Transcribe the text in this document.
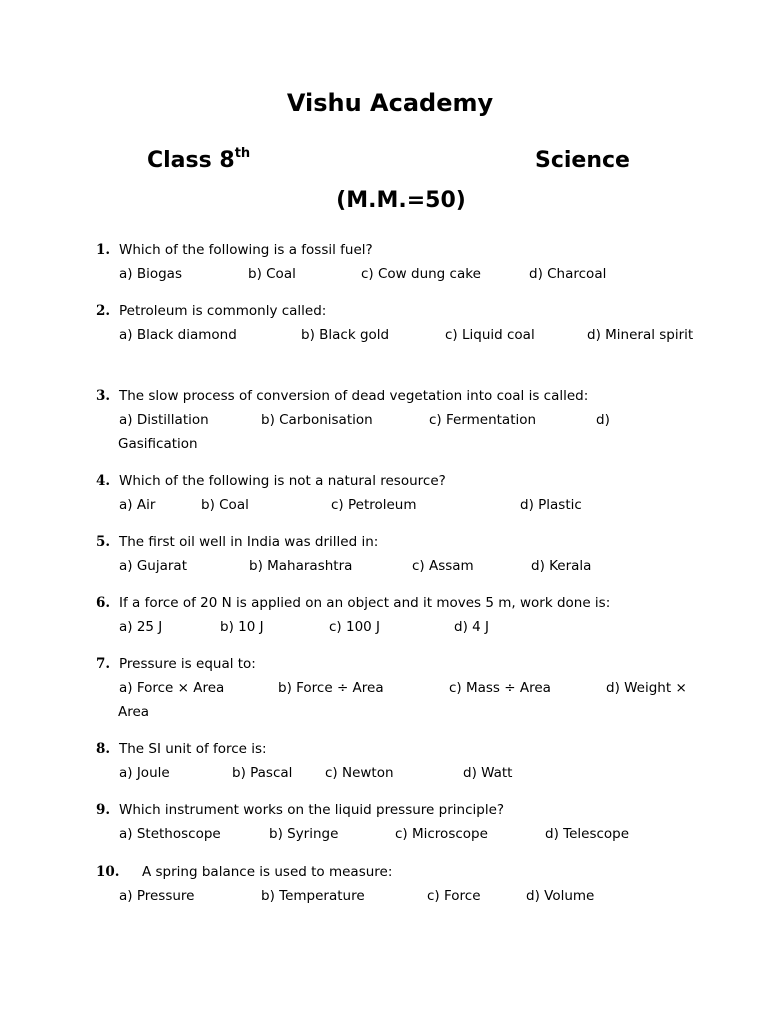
Vishu Academy
Class 8th	Science
(M.M.=50)
1. Which of the following is a fossil fuel?
a) Biogas	b) Coal	c) Cow dung cake	d) Charcoal
2. Petroleum is commonly called:
a) Black diamond	b) Black gold	c) Liquid coal	d) Mineral spirit
3. The slow process of conversion of dead vegetation into coal is called:
a) Distillation	b) Carbonisation	c) Fermentation	d) Gasification
4. Which of the following is not a natural resource?
a) Air	b) Coal	c) Petroleum	d) Plastic
5. The first oil well in India was drilled in:
a) Gujarat	b) Maharashtra	c) Assam	d) Kerala
6. If a force of 20 N is applied on an object and it moves 5 m, work done is:
a) 25 J	b) 10 J	c) 100 J	d) 4 J
7. Pressure is equal to:
a) Force × Area	b) Force ÷ Area	c) Mass ÷ Area	d) Weight × Area
8. The SI unit of force is:
a) Joule	b) Pascal c) Newton	d) Watt
9. Which instrument works on the liquid pressure principle?
a) Stethoscope	b) Syringe	c) Microscope	d) Telescope
10.	A spring balance is used to measure:
a) Pressure	b) Temperature	c) Force	d) Volume
